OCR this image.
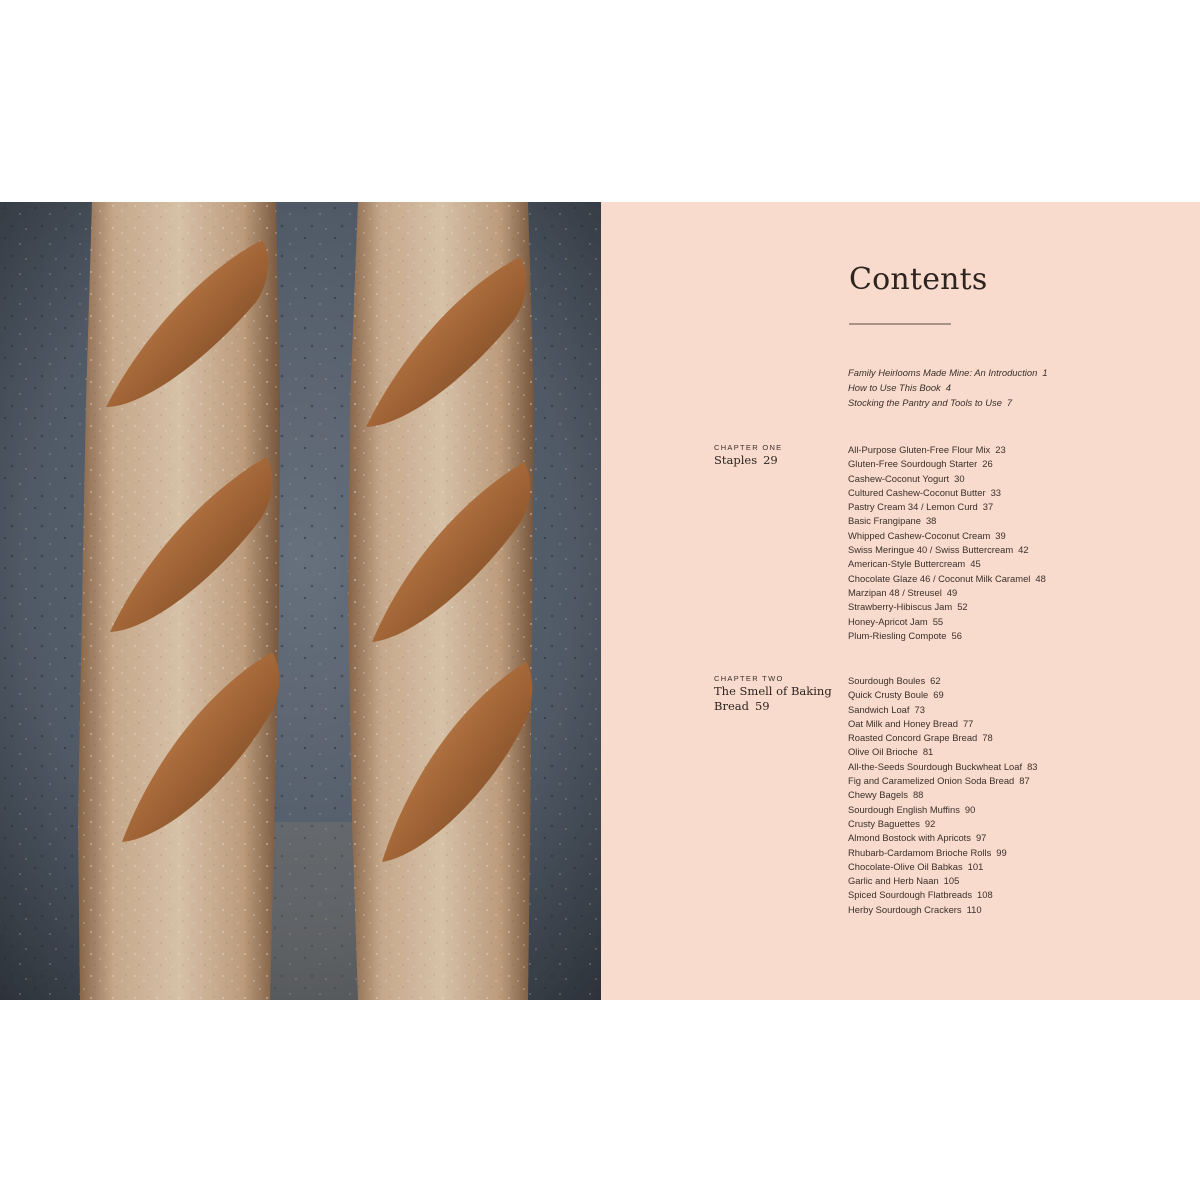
Contents
Family Heirlooms Made Mine: An Introduction 1
How to Use This Book 4
Stocking the Pantry and Tools to Use 7
CHAPTER ONE
Staples 29
All-Purpose Gluten-Free Flour Mix 23
Gluten-Free Sourdough Starter 26
Cashew-Coconut Yogurt 30
Cultured Cashew-Coconut Butter 33
Pastry Cream 34 / Lemon Curd 37
Basic Frangipane 38
Whipped Cashew-Coconut Cream 39
Swiss Meringue 40 / Swiss Buttercream 42
American-Style Buttercream 45
Chocolate Glaze 46 / Coconut Milk Caramel 48
Marzipan 48 / Streusel 49
Strawberry-Hibiscus Jam 52
Honey-Apricot Jam 55
Plum-Riesling Compote 56
CHAPTER TWO
The Smell of Baking Bread 59
Sourdough Boules 62
Quick Crusty Boule 69
Sandwich Loaf 73
Oat Milk and Honey Bread 77
Roasted Concord Grape Bread 78
Olive Oil Brioche 81
All-the-Seeds Sourdough Buckwheat Loaf 83
Fig and Caramelized Onion Soda Bread 87
Chewy Bagels 88
Sourdough English Muffins 90
Crusty Baguettes 92
Almond Bostock with Apricots 97
Rhubarb-Cardamom Brioche Rolls 99
Chocolate-Olive Oil Babkas 101
Garlic and Herb Naan 105
Spiced Sourdough Flatbreads 108
Herby Sourdough Crackers 110
